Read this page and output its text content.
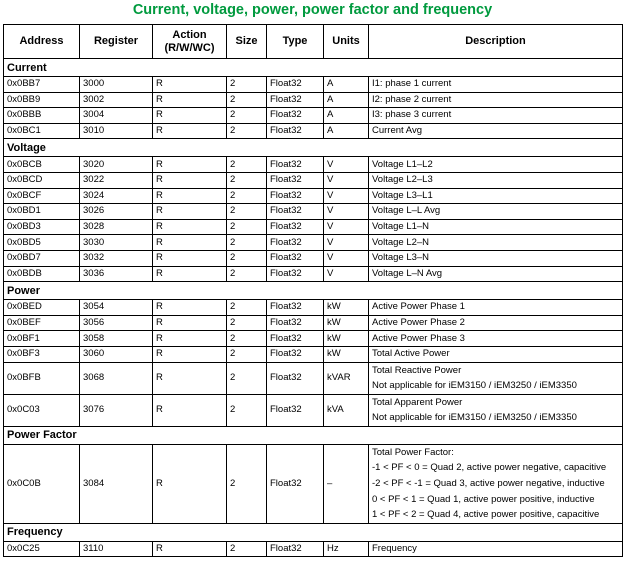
Current, voltage, power, power factor and frequency
Address	Register	Action (R/W/WC)	Size	Type	Units	Description
Current						
0x0BB7	3000	R	2	Float32	A	I1: phase 1 current
0x0BB9	3002	R	2	Float32	A	I2: phase 2 current
0x0BBB	3004	R	2	Float32	A	I3: phase 3 current
0x0BC1	3010	R	2	Float32	A	Current Avg
Voltage						
0x0BCB	3020	R	2	Float32	V	Voltage L1–L2
0x0BCD	3022	R	2	Float32	V	Voltage L2–L3
0x0BCF	3024	R	2	Float32	V	Voltage L3–L1
0x0BD1	3026	R	2	Float32	V	Voltage L–L Avg
0x0BD3	3028	R	2	Float32	V	Voltage L1–N
0x0BD5	3030	R	2	Float32	V	Voltage L2–N
0x0BD7	3032	R	2	Float32	V	Voltage L3–N
0x0BDB	3036	R	2	Float32	V	Voltage L–N Avg
Power						
0x0BED	3054	R	2	Float32	kW	Active Power Phase 1
0x0BEF	3056	R	2	Float32	kW	Active Power Phase 2
0x0BF1	3058	R	2	Float32	kW	Active Power Phase 3
0x0BF3	3060	R	2	Float32	kW	Total Active Power
0x0BFB	3068	R	2	Float32	kVAR	Total Reactive Power
Not applicable for iEM3150 / iEM3250 / iEM3350

0x0C03	3076	R	2	Float32	kVA	Total Apparent Power
Not applicable for iEM3150 / iEM3250 / iEM3350

Power Factor						
0x0C0B	3084	R	2	Float32	–	Total Power Factor:
-1 < PF < 0 = Quad 2, active power negative, capacitive
-2 < PF < -1 = Quad 3, active power negative, inductive
0 < PF < 1 = Quad 1, active power positive, inductive
1 < PF < 2 = Quad 4, active power positive, capacitive

Frequency						
0x0C25	3110	R	2	Float32	Hz	Frequency
